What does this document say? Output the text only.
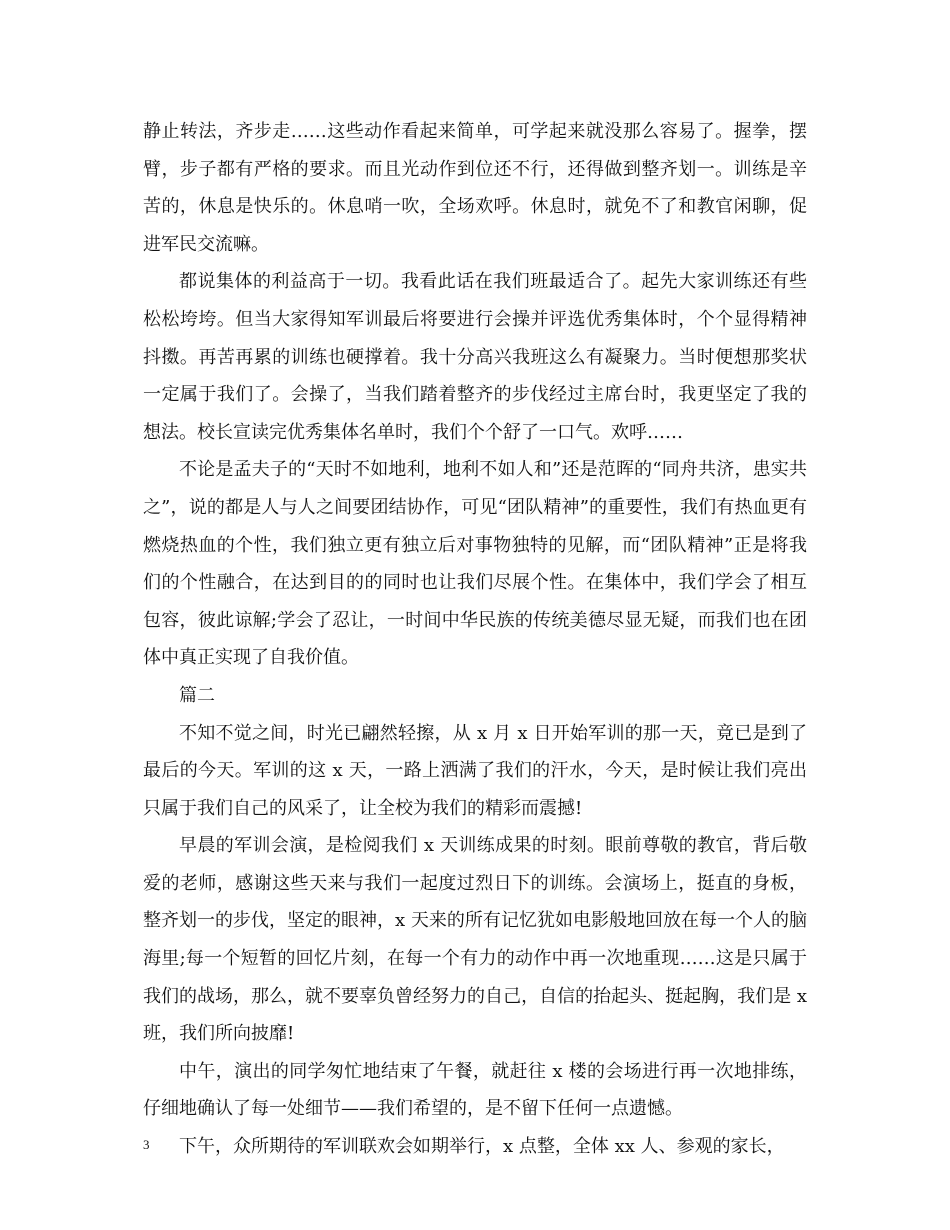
静止转法，齐步走……这些动作看起来简单，可学起来就没那么容易了。握拳，摆臂，步子都有严格的要求。而且光动作到位还不行，还得做到整齐划一。训练是辛苦的，休息是快乐的。休息哨一吹，全场欢呼。休息时，就免不了和教官闲聊，促进军民交流嘛。

都说集体的利益高于一切。我看此话在我们班最适合了。起先大家训练还有些松松垮垮。但当大家得知军训最后将要进行会操并评选优秀集体时，个个显得精神抖擞。再苦再累的训练也硬撑着。我十分高兴我班这么有凝聚力。当时便想那奖状一定属于我们了。会操了，当我们踏着整齐的步伐经过主席台时，我更坚定了我的想法。校长宣读完优秀集体名单时，我们个个舒了一口气。欢呼……

不论是孟夫子的“天时不如地利，地利不如人和”还是范晖的“同舟共济，患实共之”，说的都是人与人之间要团结协作，可见“团队精神”的重要性，我们有热血更有燃烧热血的个性，我们独立更有独立后对事物独特的见解，而“团队精神”正是将我们的个性融合，在达到目的的同时也让我们尽展个性。在集体中，我们学会了相互包容，彼此谅解;学会了忍让，一时间中华民族的传统美德尽显无疑，而我们也在团体中真正实现了自我价值。

篇二

不知不觉之间，时光已翩然轻擦，从 x 月 x 日开始军训的那一天，竟已是到了最后的今天。军训的这 x 天，一路上洒满了我们的汗水，今天，是时候让我们亮出只属于我们自己的风采了，让全校为我们的精彩而震撼!

早晨的军训会演，是检阅我们 x 天训练成果的时刻。眼前尊敬的教官，背后敬爱的老师，感谢这些天来与我们一起度过烈日下的训练。会演场上，挺直的身板，整齐划一的步伐，坚定的眼神，x 天来的所有记忆犹如电影般地回放在每一个人的脑海里;每一个短暂的回忆片刻，在每一个有力的动作中再一次地重现……这是只属于我们的战场，那么，就不要辜负曾经努力的自己，自信的抬起头、挺起胸，我们是 x 班，我们所向披靡!

中午，演出的同学匆忙地结束了午餐，就赶往 x 楼的会场进行再一次地排练，仔细地确认了每一处细节——我们希望的，是不留下任何一点遗憾。

下午，众所期待的军训联欢会如期举行，x 点整，全体 xx 人、参观的家长，

3
